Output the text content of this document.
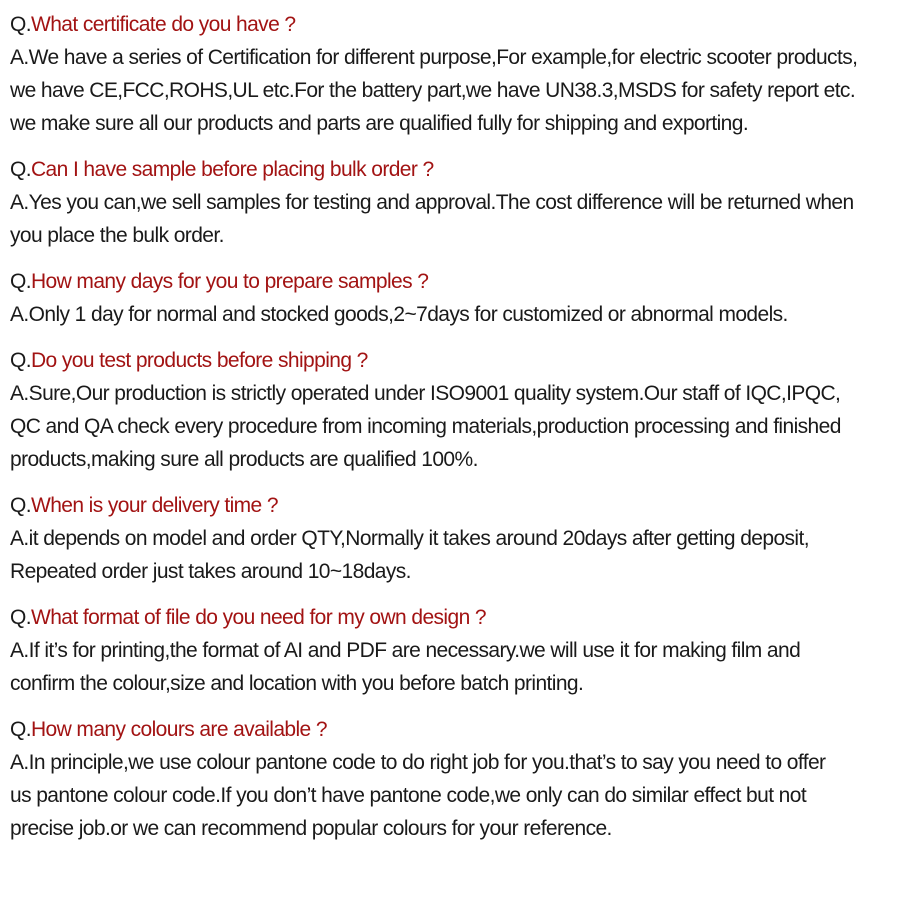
Q.What certificate do you have ?
A.We have a series of Certification for different purpose,For example,for electric scooter products,
we have CE,FCC,ROHS,UL etc.For the battery part,we have UN38.3,MSDS for safety report etc.
we make sure all our products and parts are qualified fully for shipping and exporting.
Q.Can I have sample before placing bulk order ?
A.Yes you can,we sell samples for testing and approval.The cost difference will be returned when
you place the bulk order.
Q.How many days for you to prepare samples ?
A.Only 1 day for normal and stocked goods,2~7days for customized or abnormal models.
Q.Do you test products before shipping ?
A.Sure,Our production is strictly operated under ISO9001 quality system.Our staff of IQC,IPQC,
QC and QA check every procedure from incoming materials,production processing and finished
products,making sure all products are qualified 100%.
Q.When is your delivery time ?
A.it depends on model and order QTY,Normally it takes around 20days after getting deposit,
Repeated order just takes around 10~18days.
Q.What format of file do you need for my own design ?
A.If it’s for printing,the format of AI and PDF are necessary.we will use it for making film and
confirm the colour,size and location with you before batch printing.
Q.How many colours are available ?
A.In principle,we use colour pantone code to do right job for you.that’s to say you need to offer
us pantone colour code.If you don’t have pantone code,we only can do similar effect but not
precise job.or we can recommend popular colours for your reference.
